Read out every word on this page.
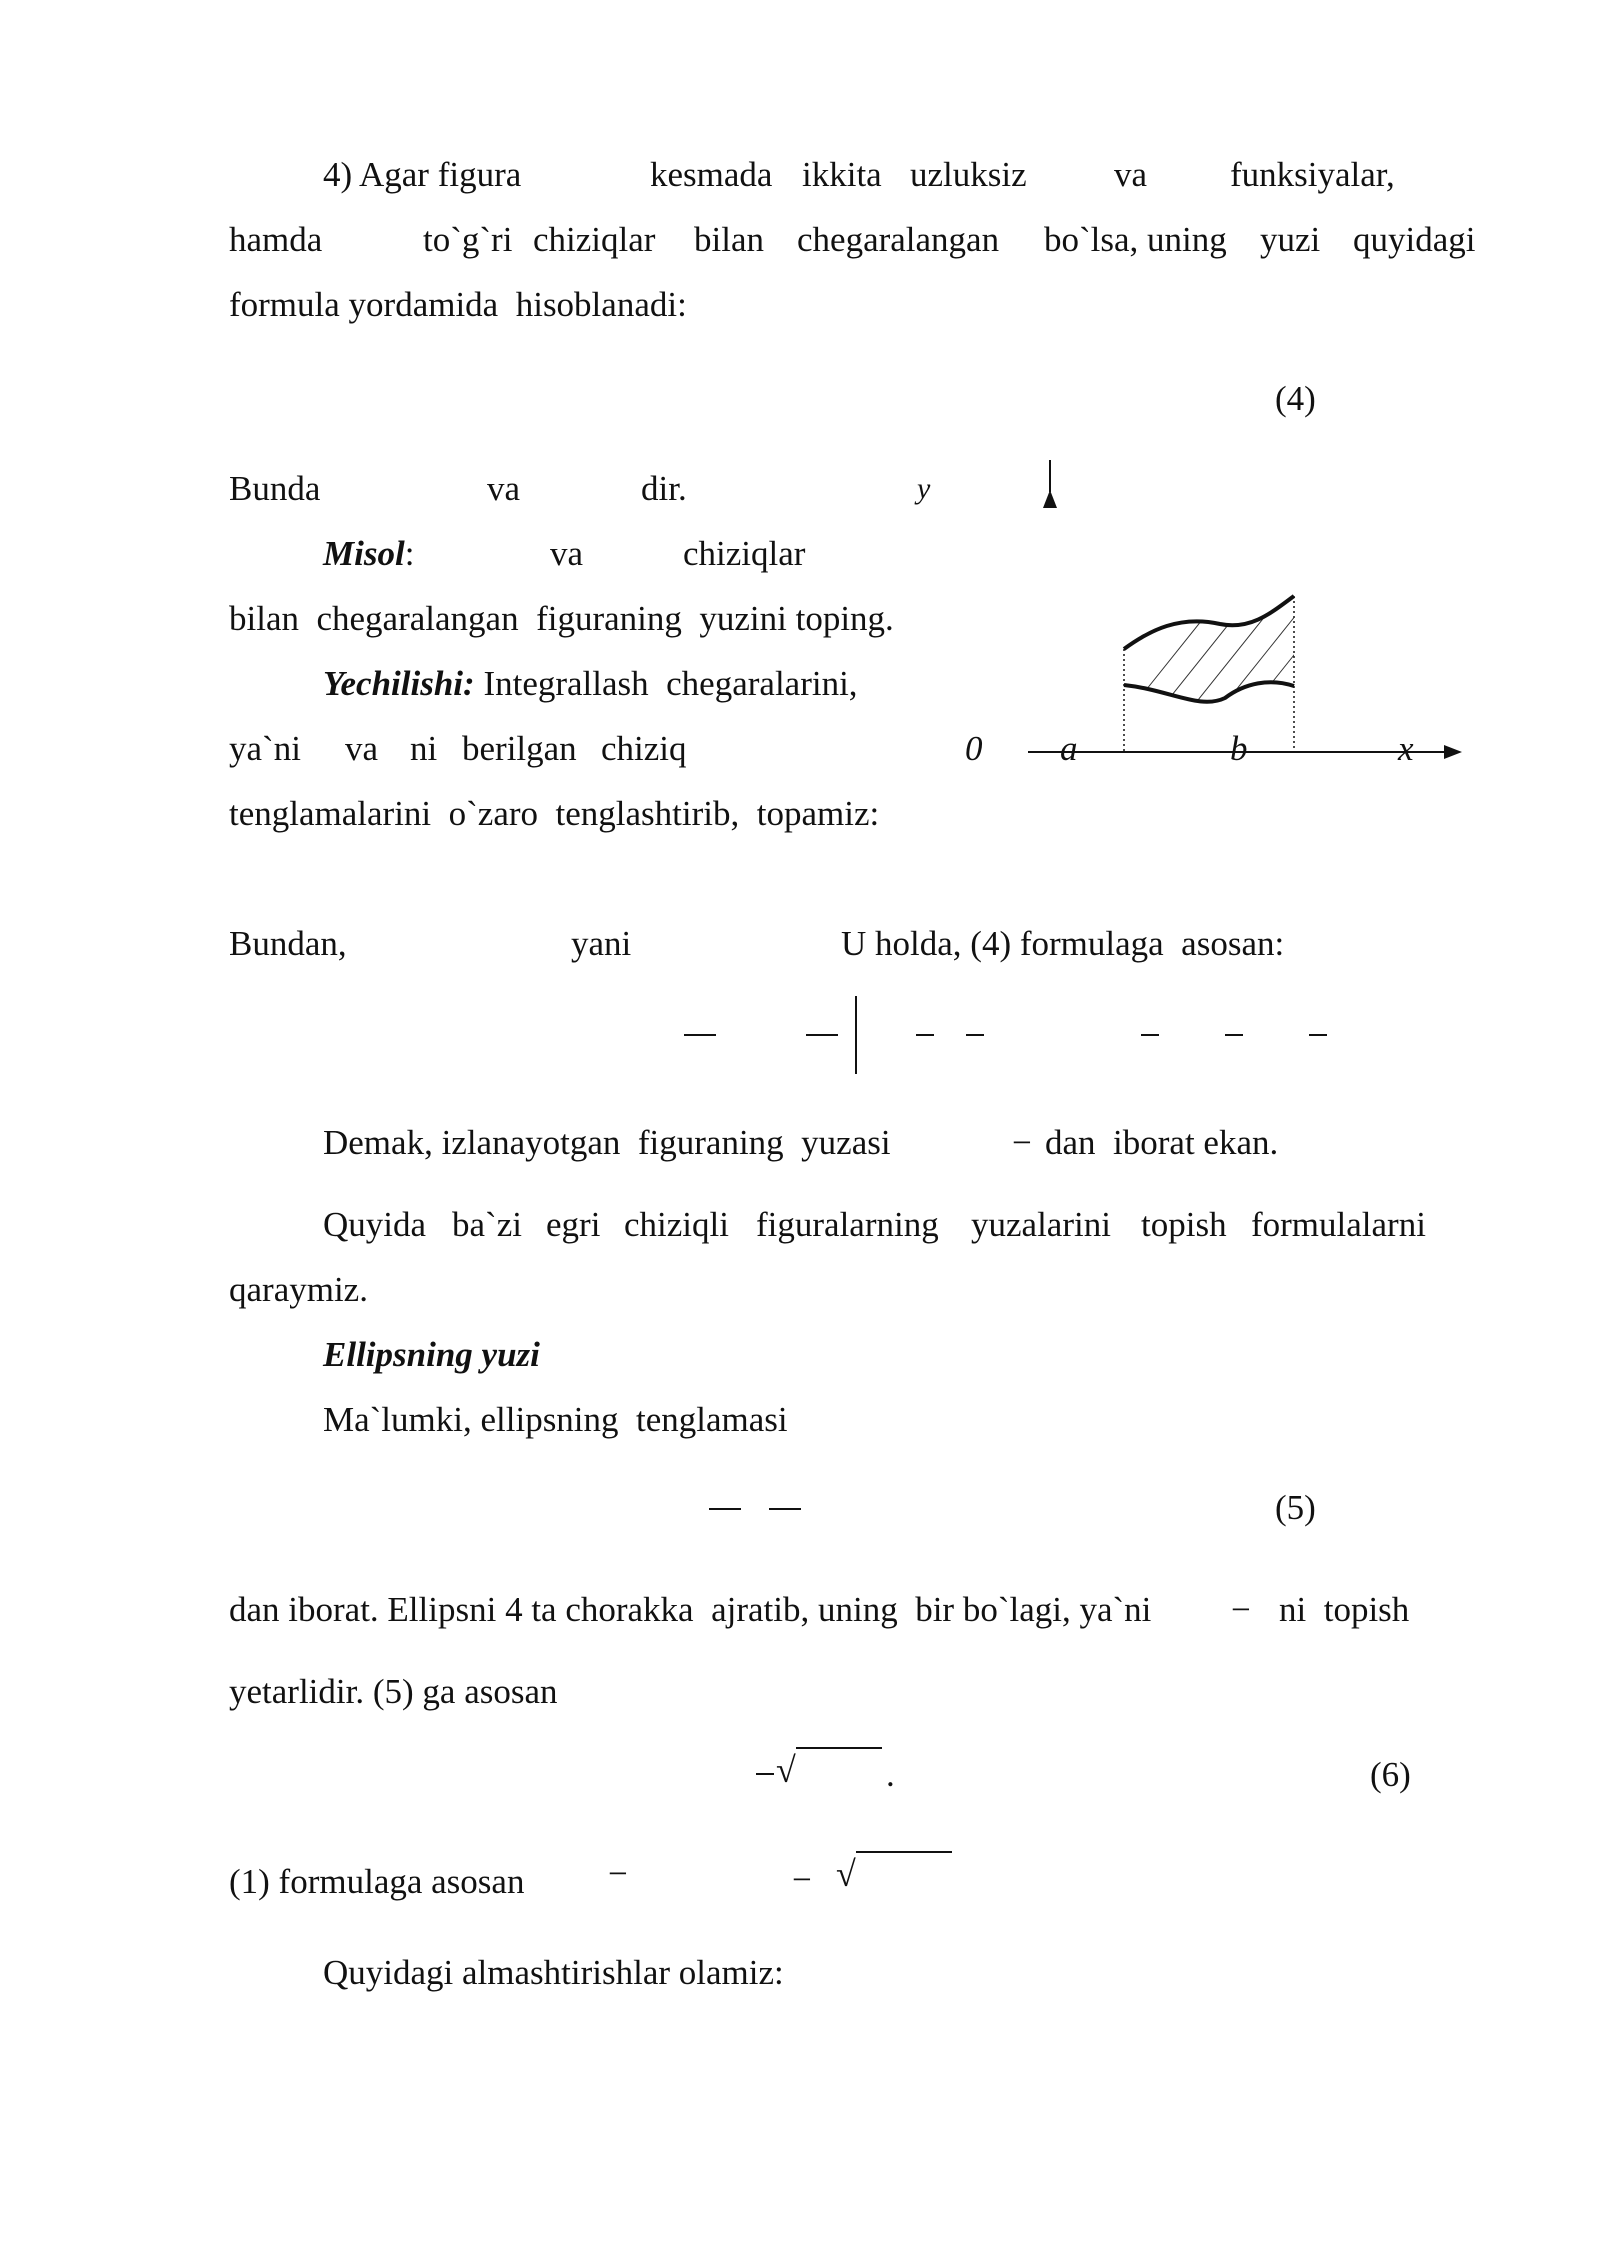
4) Agar figura	kesmada ikkita uzluksiz va funksiyalar,
hamda	to`g`ri chiziqlar bilan chegaralangan bo`lsa, uning yuzi quyidagi
formula yordamida  hisoblanadi:
(4)
Bunda	va	dir.
Misol:	va	chiziqlar
bilan  chegaralangan  figuraning  yuzini toping.
Yechilishi: Integrallash  chegaralarini,
ya`ni va ni berilgan chiziq
tenglamalarini  o`zaro  tenglashtirib,  topamiz:
y
0 a	b	x
Bundan,	yani	U holda, (4) formulaga  asosan:
Demak, izlanayotgan  figuraning  yuzasi	− dan  iborat ekan.
Quyida ba`zi egri chiziqli figuralarning yuzalarini topish formulalarni
qaraymiz.
Ellipsning yuzi
Ma`lumki, ellipsning  tenglamasi
(5)
dan iborat. Ellipsni 4 ta chorakka  ajratib, uning  bir bo`lagi, ya`ni − ni  topish
yetarlidir. (5) ga asosan
√	.	(6)
(1) formulaga asosan −	− √
Quyidagi almashtirishlar olamiz:
